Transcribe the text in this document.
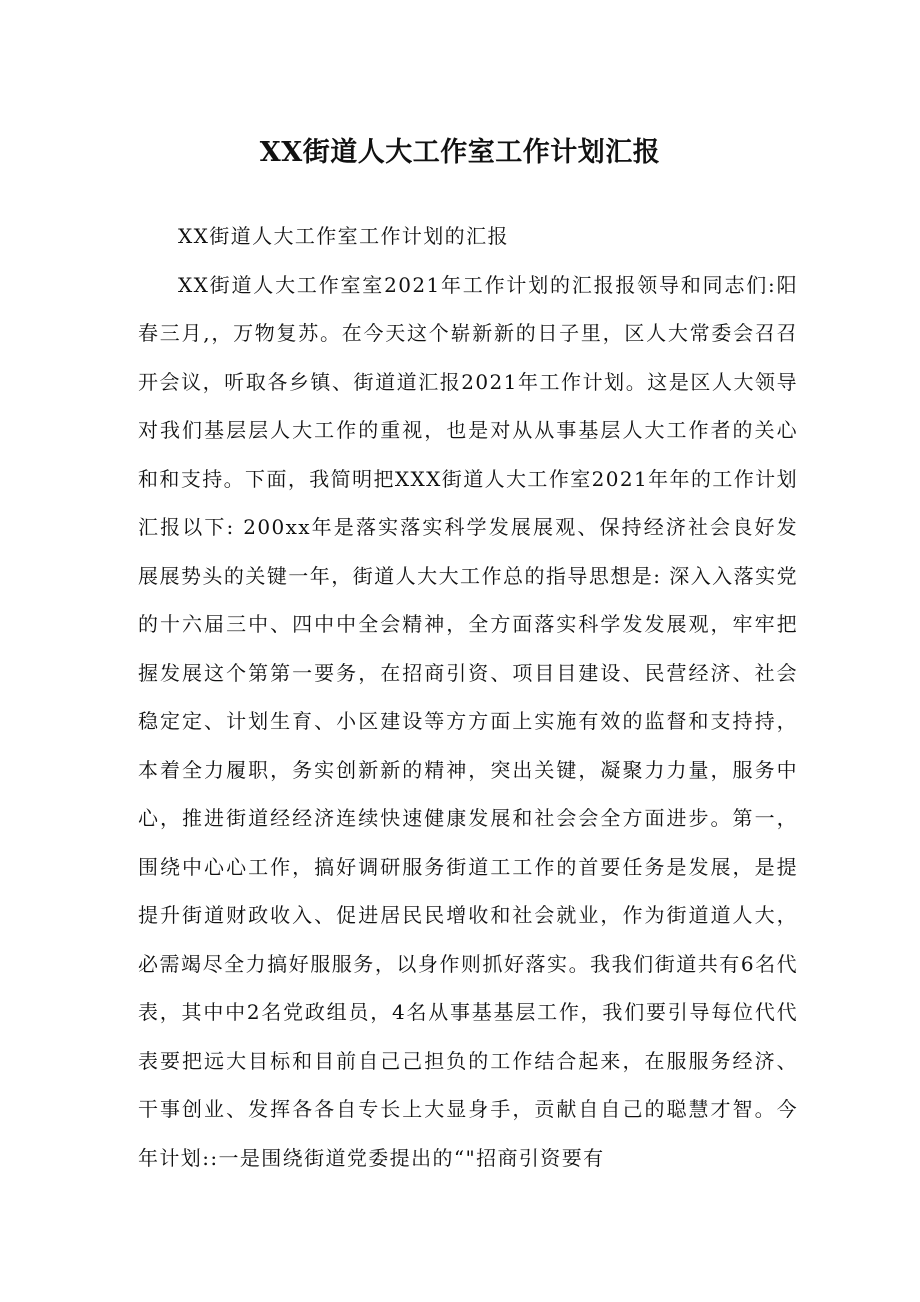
XX街道人大工作室工作计划汇报

XX街道人大工作室工作计划的汇报

XX街道人大工作室室2021年工作计划的汇报报领导和同志们:阳春三月,，万物复苏。在今天这个崭新新的日子里，区人大常委会召召开会议，听取各乡镇、街道道汇报2021年工作计划。这是区人大领导对我们基层层人大工作的重视，也是对从从事基层人大工作者的关心和和支持。下面，我简明把XXX街道人大工作室2021年年的工作计划汇报以下: 200xx年是落实落实科学发展展观、保持经济社会良好发展展势头的关键一年，街道人大大工作总的指导思想是: 深入入落实党的十六届三中、四中中全会精神，全方面落实科学发发展观，牢牢把握发展这个第第一要务，在招商引资、项目目建设、民营经济、社会稳定定、计划生育、小区建设等方方面上实施有效的监督和支持持，本着全力履职，务实创新新的精神，突出关键，凝聚力力量，服务中心，推进街道经经济连续快速健康发展和社会会全方面进步。第一，围绕中心心工作，搞好调研服务街道工工作的首要任务是发展，是提提升街道财政收入、促进居民民增收和社会就业，作为街道道人大，必需竭尽全力搞好服服务，以身作则抓好落实。我我们街道共有6名代表，其中中2名党政组员，4名从事基基层工作，我们要引导每位代代表要把远大目标和目前自己己担负的工作结合起来，在服服务经济、干事创业、发挥各各自专长上大显身手，贡献自自己的聪慧才智。今年计划::一是围绕街道党委提出的“"招商引资要有
